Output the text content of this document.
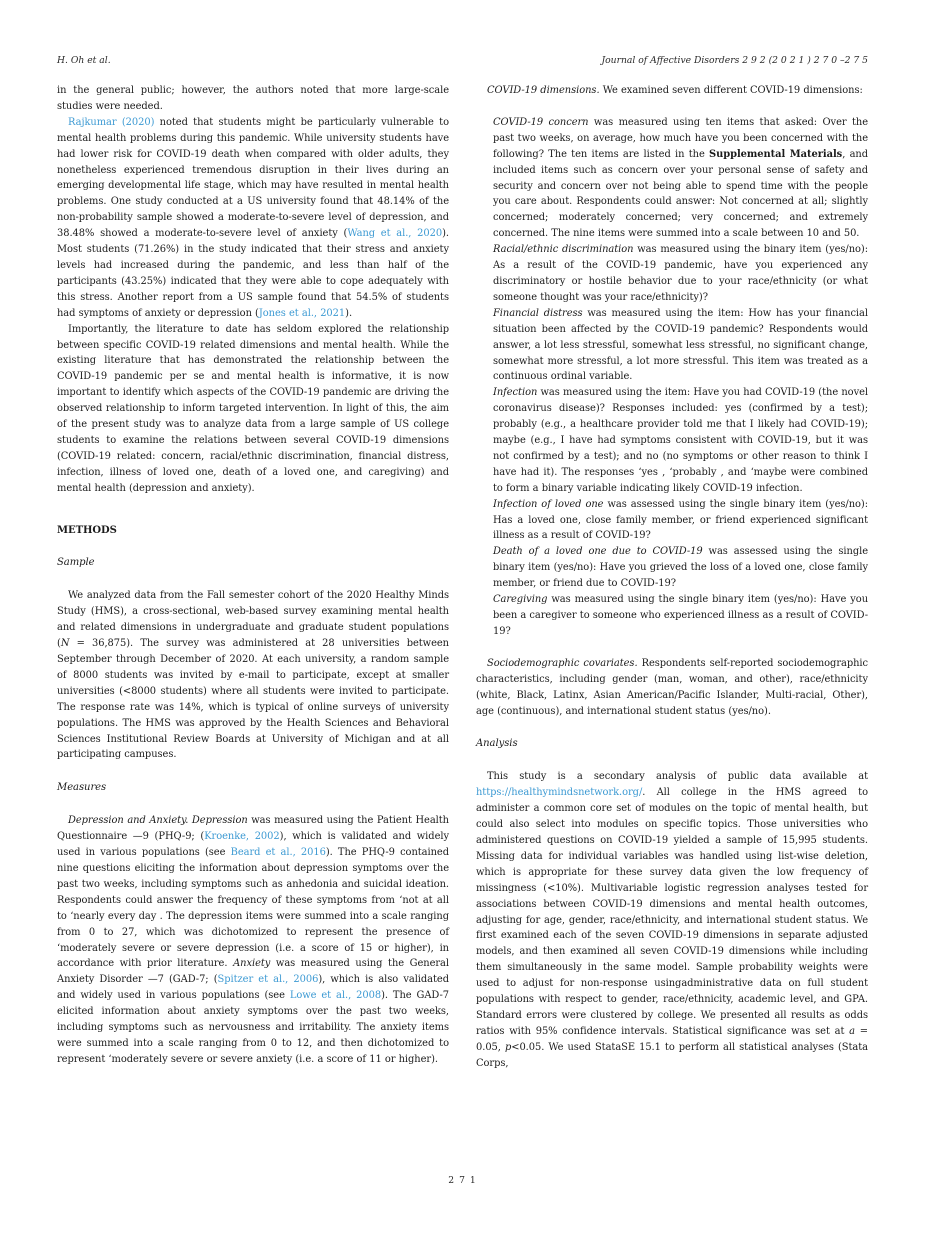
H. Oh et al.	Journal of Affective Disorders 2 9 2 (2 0 2 1 ) 2 7 0 –2 7 5

in the general public; however, the authors noted that more large-scale studies were needed.

Rajkumar (2020) noted that students might be particularly vulnerable to mental health problems during this pandemic. While university students have had lower risk for COVID-19 death when compared with older adults, they nonetheless experienced tremendous disruption in their lives during an emerging developmental life stage, which may have resulted in mental health problems. One study conducted at a US university found that 48.14% of the non-probability sample showed a moderate-to-severe level of depression, and 38.48% showed a moderate-to-severe level of anxiety (Wang et al., 2020). Most students (71.26%) in the study indicated that their stress and anxiety levels had increased during the pandemic, and less than half of the participants (43.25%) indicated that they were able to cope adequately with this stress. Another report from a US sample found that 54.5% of students had symptoms of anxiety or depression (Jones et al., 2021).

Importantly, the literature to date has seldom explored the relationship between specific COVID-19 related dimensions and mental health. While the existing literature that has demonstrated the relationship between the COVID-19 pandemic per se and mental health is informative, it is now important to identify which aspects of the COVID-19 pandemic are driving the observed relationship to inform targeted intervention. In light of this, the aim of the present study was to analyze data from a large sample of US college students to examine the relations between several COVID-19 dimensions (COVID-19 related: concern, racial/ethnic discrimination, financial distress, infection, illness of loved one, death of a loved one, and caregiving) and mental health (depression and anxiety).

METHODS
Sample

We analyzed data from the Fall semester cohort of the 2020 Healthy Minds Study (HMS), a cross-sectional, web-based survey examining mental health and related dimensions in undergraduate and graduate student populations (N = 36,875). The survey was administered at 28 universities between September through December of 2020. At each university, a random sample of 8000 students was invited by e-mail to participate, except at smaller universities (<8000 students) where all students were invited to participate. The response rate was 14%, which is typical of online surveys of university populations. The HMS was approved by the Health Sciences and Behavioral Sciences Institutional Review Boards at University of Michigan and at all participating campuses.

Measures

Depression and Anxiety. Depression was measured using the Patient Health Questionnaire —9 (PHQ-9; (Kroenke, 2002), which is validated and widely used in various populations (see Beard et al., 2016). The PHQ-9 contained nine questions eliciting the information about depression symptoms over the past two weeks, including symptoms such as anhedonia and suicidal ideation. Respondents could answer the frequency of these symptoms from ‘not at all to ‘nearly every day . The depression items were summed into a scale ranging from 0 to 27, which was dichotomized to represent the presence of ‘moderately severe or severe depression (i.e. a score of 15 or higher), in accordance with prior literature. Anxiety was measured using the General Anxiety Disorder —7 (GAD-7; (Spitzer et al., 2006), which is also validated and widely used in various populations (see Lowe et al., 2008). The GAD-7 elicited information about anxiety symptoms over the past two weeks, including symptoms such as nervousness and irritability. The anxiety items were summed into a scale ranging from 0 to 12, and then dichotomized to represent ‘moderately severe or severe anxiety (i.e. a score of 11 or higher).

COVID-19 dimensions. We examined seven different COVID-19 dimensions:

COVID-19 concern was measured using ten items that asked: Over the past two weeks, on average, how much have you been concerned with the following? The ten items are listed in the Supplemental Materials, and included items such as concern over your personal sense of safety and security and concern over not being able to spend time with the people you care about. Respondents could answer: Not concerned at all; slightly concerned; moderately concerned; very concerned; and extremely concerned. The nine items were summed into a scale between 10 and 50.

Racial/ethnic discrimination was measured using the binary item (yes/no): As a result of the COVID-19 pandemic, have you experienced any discriminatory or hostile behavior due to your race/ethnicity (or what someone thought was your race/ethnicity)?

Financial distress was measured using the item: How has your financial situation been affected by the COVID-19 pandemic? Respondents would answer, a lot less stressful, somewhat less stressful, no significant change, somewhat more stressful, a lot more stressful. This item was treated as a continuous ordinal variable.

Infection was measured using the item: Have you had COVID-19 (the novel coronavirus disease)? Responses included: yes (confirmed by a test); probably (e.g., a healthcare provider told me that I likely had COVID-19); maybe (e.g., I have had symptoms consistent with COVID-19, but it was not confirmed by a test); and no (no symptoms or other reason to think I have had it). The responses ‘yes , ‘probably , and ‘maybe were combined to form a binary variable indicating likely COVID-19 infection.

Infection of loved one was assessed using the single binary item (yes/no): Has a loved one, close family member, or friend experienced significant illness as a result of COVID-19?

Death of a loved one due to COVID-19 was assessed using the single binary item (yes/no): Have you grieved the loss of a loved one, close family member, or friend due to COVID-19?

Caregiving was measured using the single binary item (yes/no): Have you been a caregiver to someone who experienced illness as a result of COVID-19?

Sociodemographic covariates. Respondents self-reported sociodemographic characteristics, including gender (man, woman, and other), race/ethnicity (white, Black, Latinx, Asian American/Pacific Islander, Multi-racial, Other), age (continuous), and international student status (yes/no).

Analysis

This study is a secondary analysis of public data available at https://healthymindsnetwork.org/. All college in the HMS agreed to administer a common core set of modules on the topic of mental health, but could also select into modules on specific topics. Those universities who administered questions on COVID-19 yielded a sample of 15,995 students. Missing data for individual variables was handled using list-wise deletion, which is appropriate for these survey data given the low frequency of missingness (<10%). Multivariable logistic regression analyses tested for associations between COVID-19 dimensions and mental health outcomes, adjusting for age, gender, race/ethnicity, and international student status. We first examined each of the seven COVID-19 dimensions in separate adjusted models, and then examined all seven COVID-19 dimensions while including them simultaneously in the same model. Sample probability weights were used to adjust for non-response usingadministrative data on full student populations with respect to gender, race/ethnicity, academic level, and GPA. Standard errors were clustered by college. We presented all results as odds ratios with 95% confidence intervals. Statistical significance was set at a = 0.05, p<0.05. We used StataSE 15.1 to perform all statistical analyses (Stata Corps,

2 7 1
